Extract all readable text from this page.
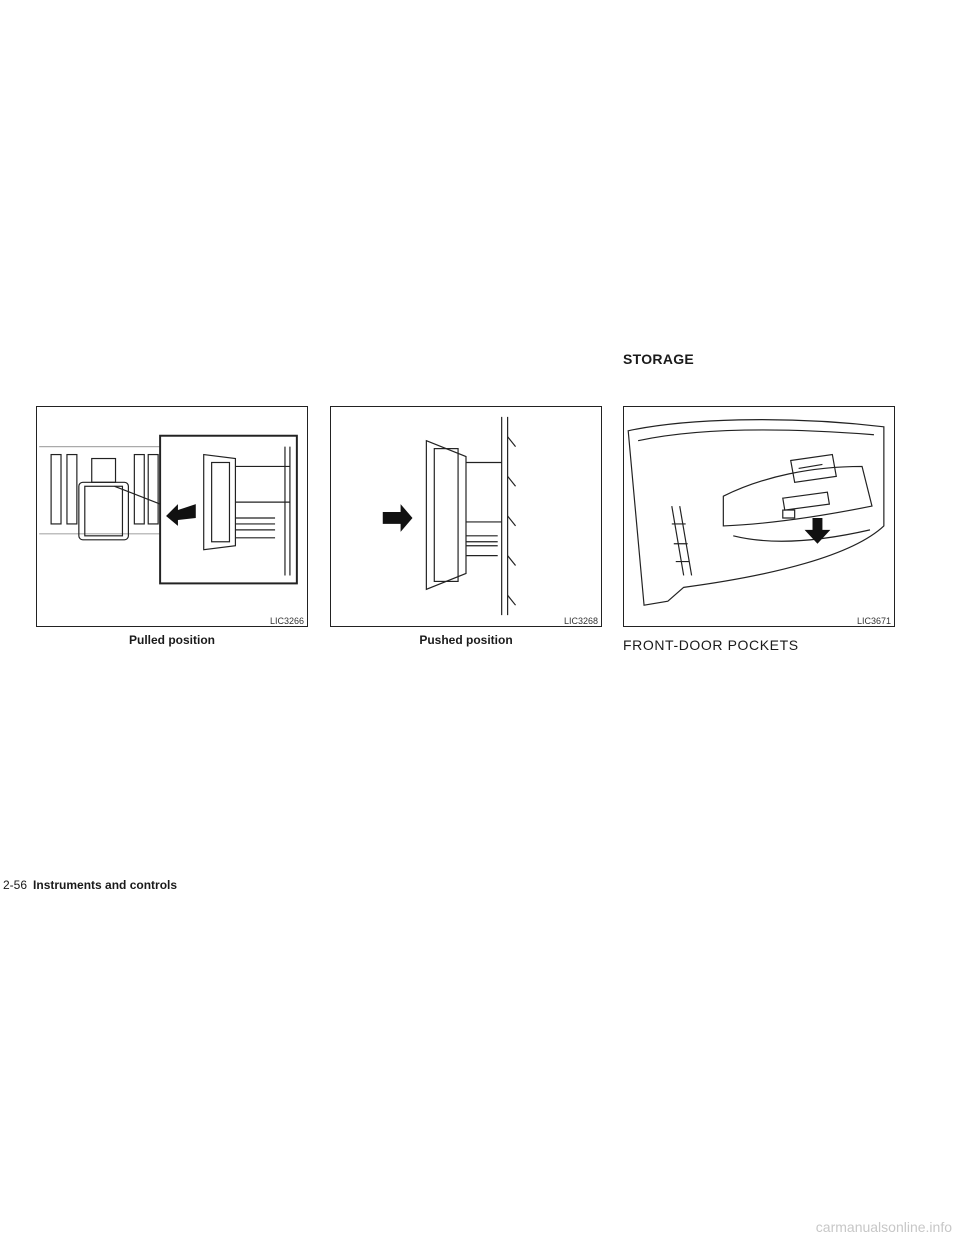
STORAGE
LIC3266
Pulled position
LIC3268
Pushed position
LIC3671
FRONT-DOOR POCKETS
2-56 Instruments and controls
carmanualsonline.info
